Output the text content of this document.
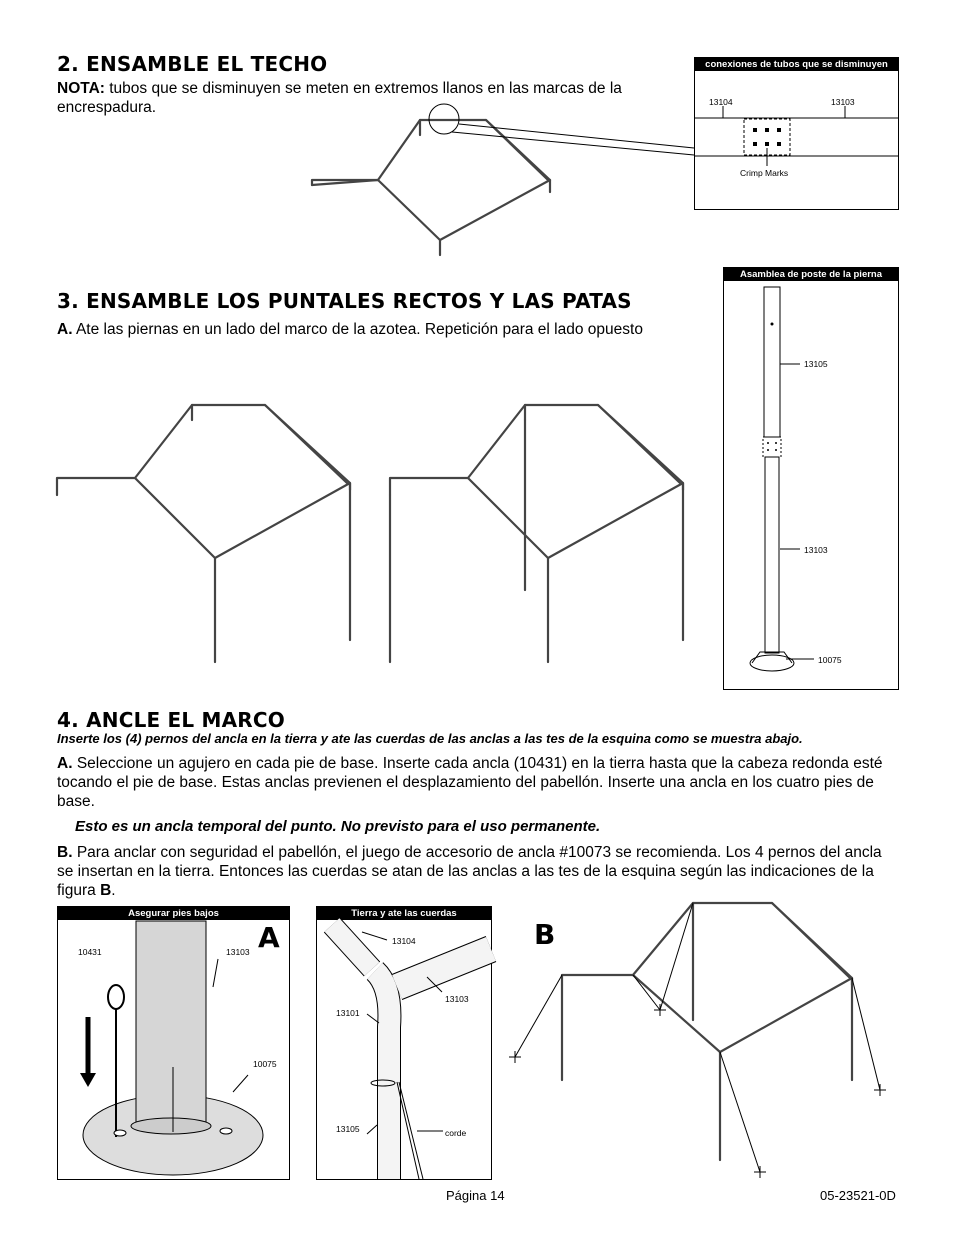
2. ENSAMBLE EL TECHO
NOTA: tubos que se disminuyen se meten en extremos llanos en las marcas de la encrespadura.
conexiones de tubos que se disminuyen
13104	13103
Crimp Marks
3. ENSAMBLE LOS PUNTALES RECTOS Y LAS PATAS
A. Ate las piernas en un lado del marco de la azotea. Repetición para el lado opuesto
Asamblea de poste de la pierna
13105
13103
10075
4. ANCLE EL MARCO
Inserte los (4) pernos del ancla en la tierra y ate las cuerdas de las anclas a las tes de la esquina como se muestra abajo.
A. Seleccione un agujero en cada pie de base. Inserte cada ancla (10431) en la tierra hasta que la cabeza redonda esté tocando el pie de base. Estas anclas previenen el desplazamiento del pabellón. Inserte una ancla en los cuatro pies de base.
Esto es un ancla temporal del punto. No previsto para el uso permanente.
B. Para anclar con seguridad el pabellón, el juego de accesorio de ancla #10073 se recomienda. Los 4 pernos del ancla se insertan en la tierra. Entonces las cuerdas se atan de las anclas a las tes de la esquina según las indicaciones de la figura B.
Asegurar pies bajos
10431	13103
10075
A
Tierra y ate las cuerdas
13104
13103
13101
13105	corde
B
Página 14	05-23521-0D
